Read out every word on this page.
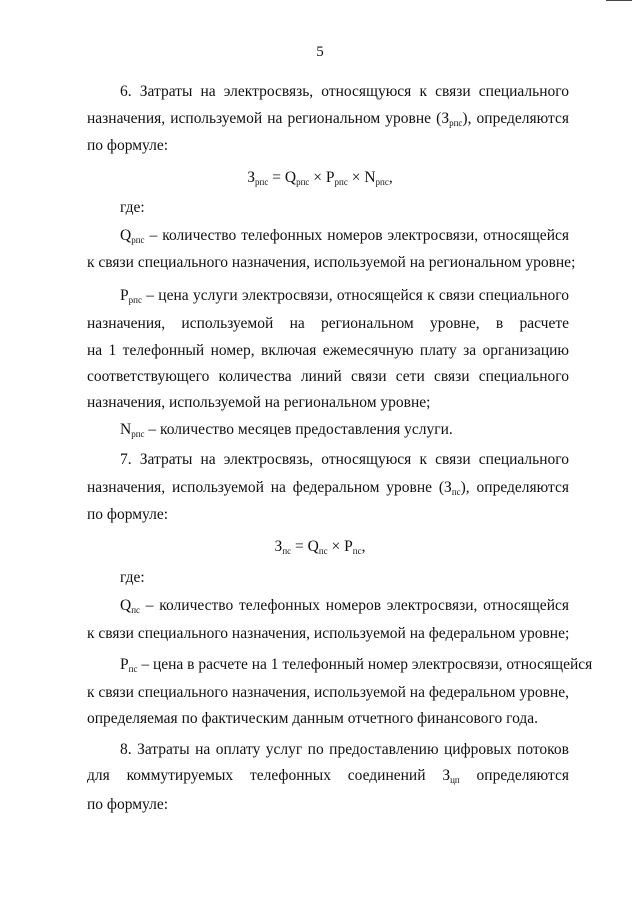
5
6. Затраты на электросвязь, относящуюся к связи специального
назначения, используемой на региональном уровне $(З_{рпс})$, определяются
по формуле:
$З_{рпс} = Q_{рпс} \times P_{рпс} \times N_{рпс}$,
где:
$Q_{рпс}$ – количество телефонных номеров электросвязи, относящейся
к связи специального назначения, используемой на региональном уровне;
$P_{рпс}$ – цена услуги электросвязи, относящейся к связи специального
назначения, используемой на региональном уровне, в расчете
на 1 телефонный номер, включая ежемесячную плату за организацию
соответствующего количества линий связи сети связи специального
назначения, используемой на региональном уровне;
$N_{рпс}$ – количество месяцев предоставления услуги.
7. Затраты на электросвязь, относящуюся к связи специального
назначения, используемой на федеральном уровне $(З_{пс})$, определяются
по формуле:
$З_{пс} = Q_{пс} \times P_{пс}$,
где:
$Q_{пс}$ – количество телефонных номеров электросвязи, относящейся
к связи специального назначения, используемой на федеральном уровне;
$P_{пс}$ – цена в расчете на 1 телефонный номер электросвязи, относящейся
к связи специального назначения, используемой на федеральном уровне,
определяемая по фактическим данным отчетного финансового года.
8. Затраты на оплату услуг по предоставлению цифровых потоков
для коммутируемых телефонных соединений $З_{цп}$ определяются
по формуле:
